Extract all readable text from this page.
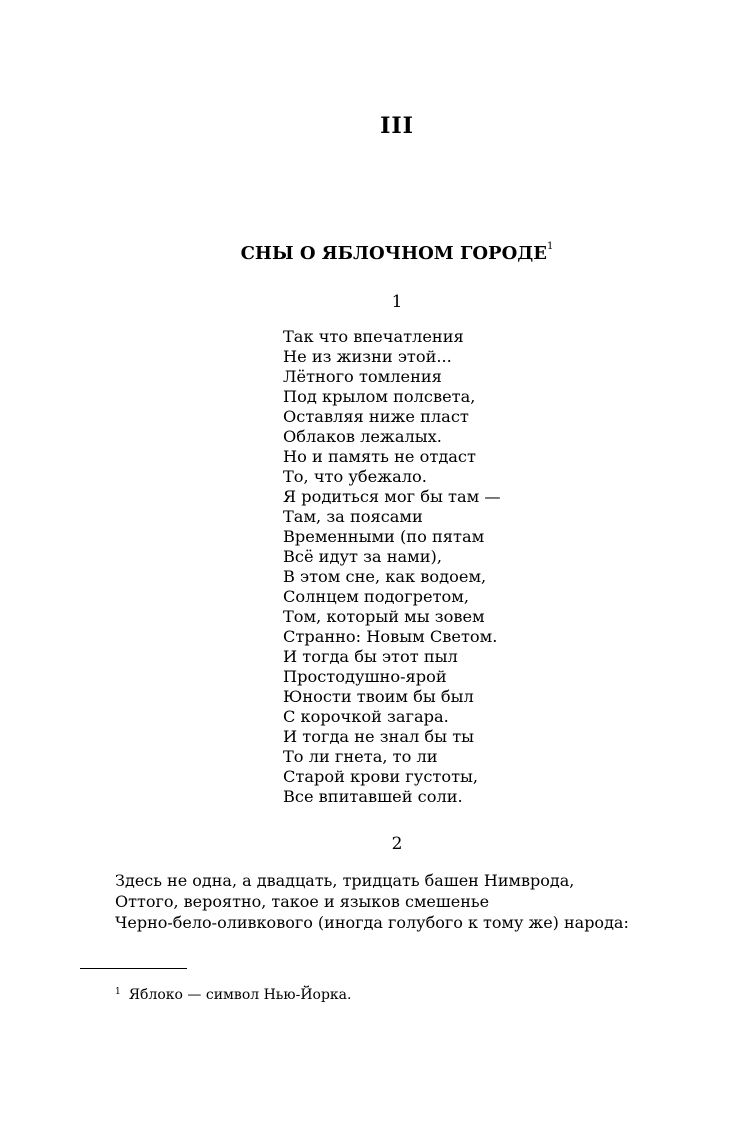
III
СНЫ О ЯБЛОЧНОМ ГОРОДЕ$^1$
1
Так что впечатления
Не из жизни этой...
Лётного томления
Под крылом полсвета,
Оставляя ниже пласт
Облаков лежалых.
Но и память не отдаст
То, что убежало.
Я родиться мог бы там —
Там, за поясами
Временными (по пятам
Всё идут за нами),
В этом сне, как водоем,
Солнцем подогретом,
Том, который мы зовем
Странно: Новым Светом.
И тогда бы этот пыл
Простодушно-ярой
Юности твоим бы был
С корочкой загара.
И тогда не знал бы ты
То ли гнета, то ли
Старой крови густоты,
Все впитавшей соли.
2
Здесь не одна, а двадцать, тридцать башен Нимврода,
Оттого, вероятно, такое и языков смешенье
Черно-бело-оливкового (иногда голубого к тому же) народа:
$^1$ Яблоко — символ Нью-Йорка.
